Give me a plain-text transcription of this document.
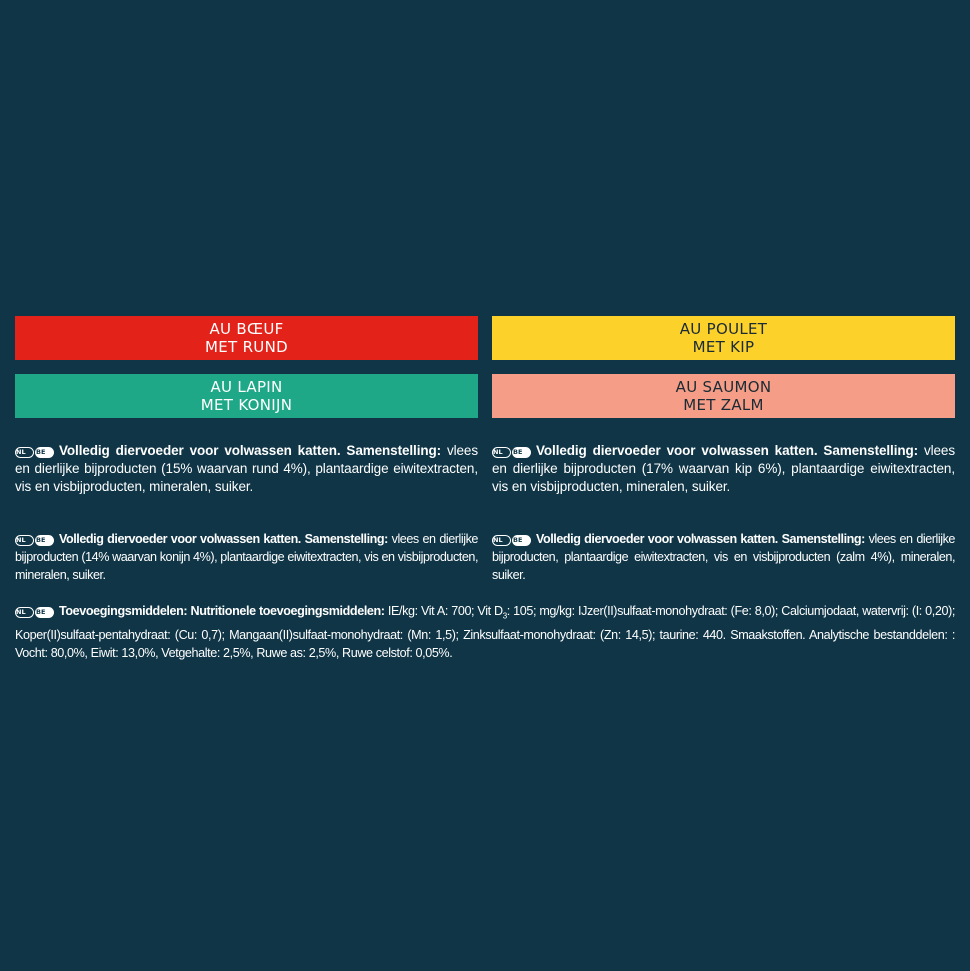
AU BŒUF
MET RUND
AU POULET
MET KIP
AU LAPIN
MET KONIJN
AU SAUMON
MET ZALM
NL BE Volledig diervoeder voor volwassen katten. Samenstelling: vlees en dierlijke bijproducten (15% waarvan rund 4%), plantaardige eiwitextracten, vis en visbijproducten, mineralen, suiker.
NL BE Volledig diervoeder voor volwassen katten. Samenstelling: vlees en dierlijke bijproducten (17% waarvan kip 6%), plantaardige eiwitextracten, vis en visbijproducten, mineralen, suiker.
NL BE Volledig diervoeder voor volwassen katten. Samenstelling: vlees en dierlijke bijproducten (14% waarvan konijn 4%), plantaardige eiwitextracten, vis en visbijproducten, mineralen, suiker.
NL BE Volledig diervoeder voor volwassen katten. Samenstelling: vlees en dierlijke bijproducten, plantaardige eiwitextracten, vis en visbijproducten (zalm 4%), mineralen, suiker.
NL BE Toevoegingsmiddelen: Nutritionele toevoegingsmiddelen: IE/kg: Vit A: 700; Vit $D_3$: 105; mg/kg: IJzer(II)sulfaat-monohydraat: (Fe: 8,0); Calciumjodaat, watervrij: (I: 0,20); Koper(II)sulfaat-pentahydraat: (Cu: 0,7); Mangaan(II)sulfaat-monohydraat: (Mn: 1,5); Zinksulfaat-monohydraat: (Zn: 14,5); taurine: 440. Smaakstoffen. Analytische bestanddelen: : Vocht: 80,0%, Eiwit: 13,0%, Vetgehalte: 2,5%, Ruwe as: 2,5%, Ruwe celstof: 0,05%.
